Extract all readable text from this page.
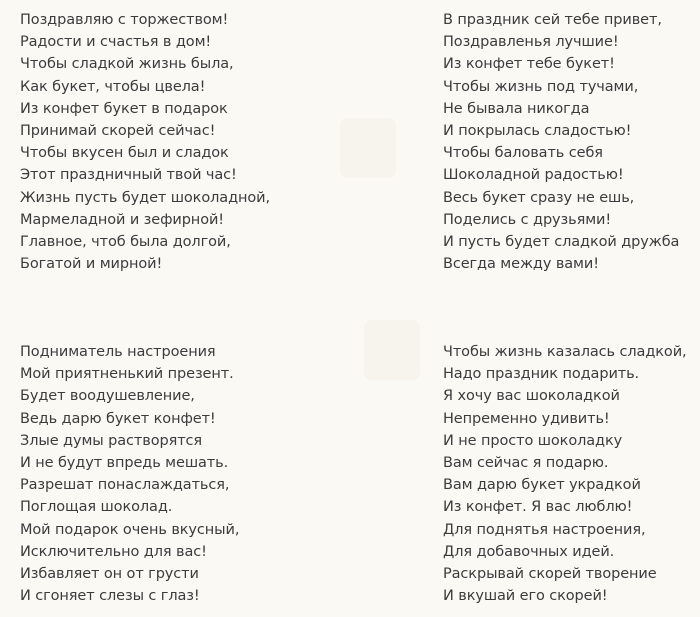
Поздравляю с торжеством!
Радости и счастья в дом!
Чтобы сладкой жизнь была,
Как букет, чтобы цвела!
Из конфет букет в подарок
Принимай скорей сейчас!
Чтобы вкусен был и сладок
Этот праздничный твой час!
Жизнь пусть будет шоколадной,
Мармеладной и зефирной!
Главное, чтоб была долгой,
Богатой и мирной!
В праздник сей тебе привет,
Поздравленья лучшие!
Из конфет тебе букет!
Чтобы жизнь под тучами,
Не бывала никогда
И покрылась сладостью!
Чтобы баловать себя
Шоколадной радостью!
Весь букет сразу не ешь,
Поделись с друзьями!
И пусть будет сладкой дружба
Всегда между вами!
Подниматель настроения
Мой приятненький презент.
Будет воодушевление,
Ведь дарю букет конфет!
Злые думы растворятся
И не будут впредь мешать.
Разрешат понаслаждаться,
Поглощая шоколад.
Мой подарок очень вкусный,
Исключительно для вас!
Избавляет он от грусти
И сгоняет слезы с глаз!
Чтобы жизнь казалась сладкой,
Надо праздник подарить.
Я хочу вас шоколадкой
Непременно удивить!
И не просто шоколадку
Вам сейчас я подарю.
Вам дарю букет украдкой
Из конфет. Я вас люблю!
Для поднятья настроения,
Для добавочных идей.
Раскрывай скорей творение
И вкушай его скорей!
